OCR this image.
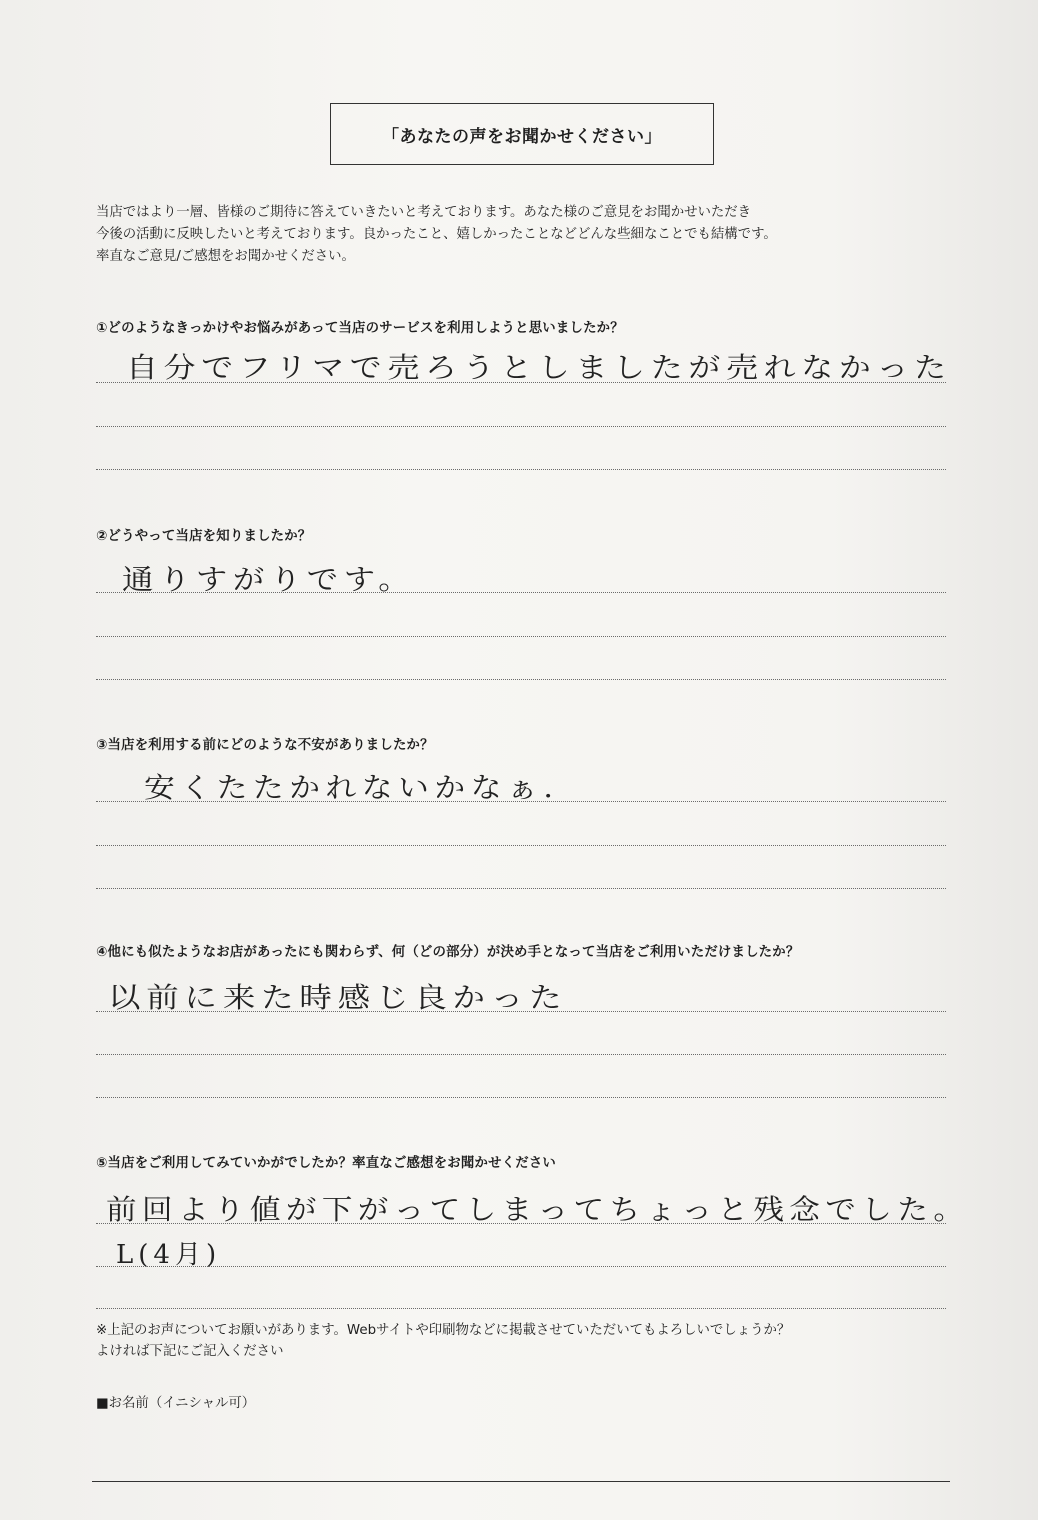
「あなたの声をお聞かせください」
当店ではより一層、皆様のご期待に答えていきたいと考えております。あなた様のご意見をお聞かせいただき
今後の活動に反映したいと考えております。良かったこと、嬉しかったことなどどんな些細なことでも結構です。
率直なご意見/ご感想をお聞かせください。
①どのようなきっかけやお悩みがあって当店のサービスを利用しようと思いましたか？
自分でフリマで売ろうとしましたが売れなかった
②どうやって当店を知りましたか？
通りすがりです。
③当店を利用する前にどのような不安がありましたか？
安くたたかれないかなぁ.
④他にも似たようなお店があったにも関わらず、何（どの部分）が決め手となって当店をご利用いただけましたか？
以前に来た時感じ良かった
⑤当店をご利用してみていかがでしたか？率直なご感想をお聞かせください
前回より値が下がってしまってちょっと残念でした。
L(4月)
※上記のお声についてお願いがあります。Webサイトや印刷物などに掲載させていただいてもよろしいでしょうか？
よければ下記にご記入ください
■お名前（イニシャル可）
